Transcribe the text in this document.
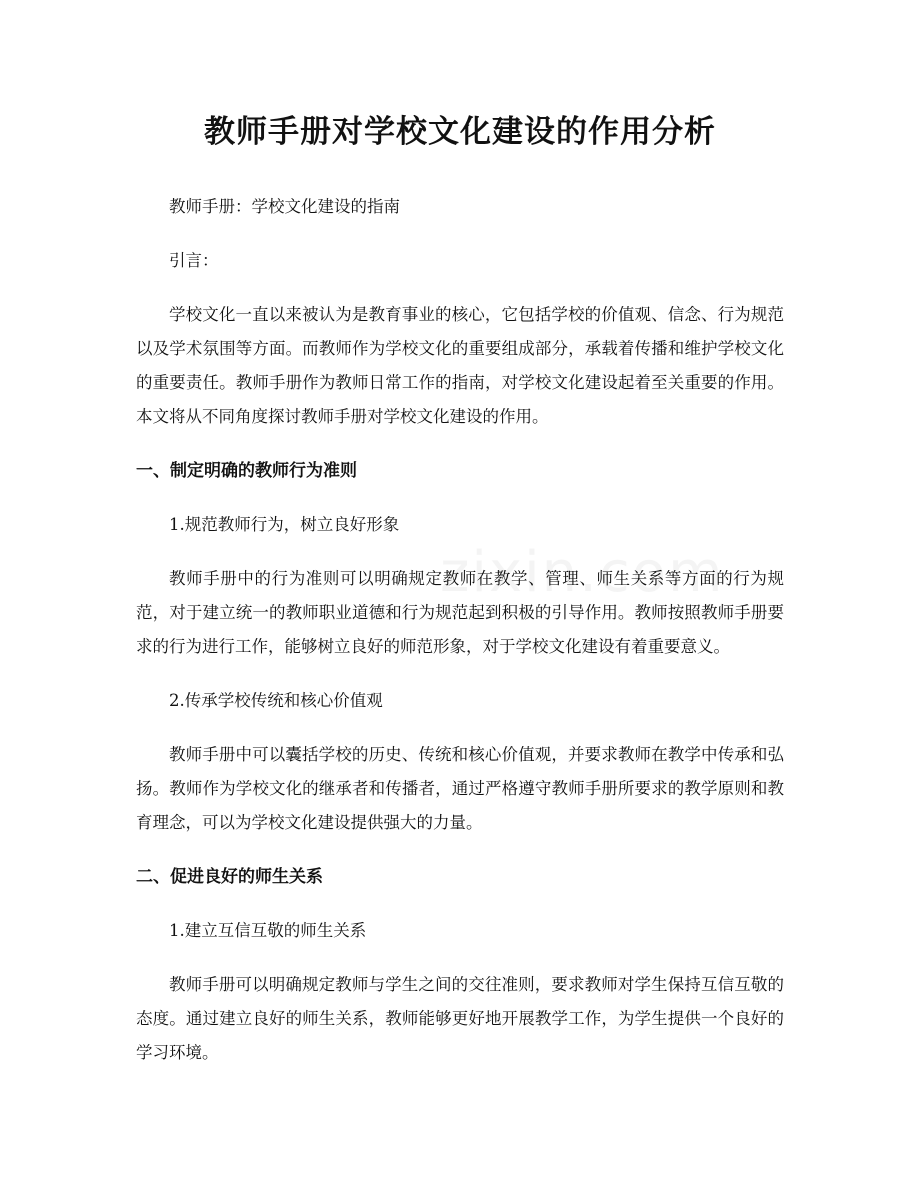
教师手册对学校文化建设的作用分析

教师手册：学校文化建设的指南

引言：

学校文化一直以来被认为是教育事业的核心，它包括学校的价值观、信念、行为规范以及学术氛围等方面。而教师作为学校文化的重要组成部分，承载着传播和维护学校文化的重要责任。教师手册作为教师日常工作的指南，对学校文化建设起着至关重要的作用。本文将从不同角度探讨教师手册对学校文化建设的作用。

一、制定明确的教师行为准则

1.规范教师行为，树立良好形象

教师手册中的行为准则可以明确规定教师在教学、管理、师生关系等方面的行为规范，对于建立统一的教师职业道德和行为规范起到积极的引导作用。教师按照教师手册要求的行为进行工作，能够树立良好的师范形象，对于学校文化建设有着重要意义。

2.传承学校传统和核心价值观

教师手册中可以囊括学校的历史、传统和核心价值观，并要求教师在教学中传承和弘扬。教师作为学校文化的继承者和传播者，通过严格遵守教师手册所要求的教学原则和教育理念，可以为学校文化建设提供强大的力量。

二、促进良好的师生关系

1.建立互信互敬的师生关系

教师手册可以明确规定教师与学生之间的交往准则，要求教师对学生保持互信互敬的态度。通过建立良好的师生关系，教师能够更好地开展教学工作，为学生提供一个良好的学习环境。
